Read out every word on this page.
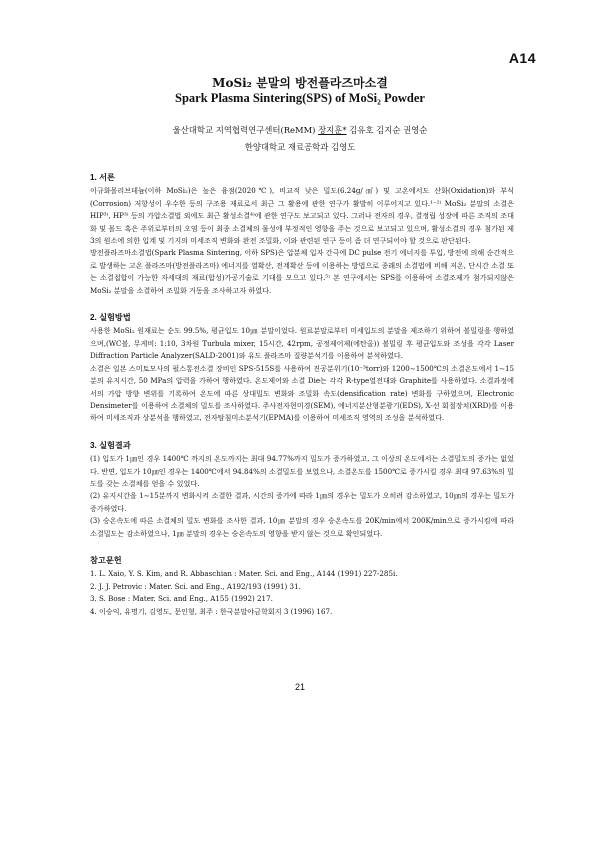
A14
MoSi₂ 분말의 방전플라즈마소결
Spark Plasma Sintering(SPS) of MoSi₂ Powder
울산대학교 지역협력연구센터(ReMM) 장지훈* 김유호 김지순 권영순
한양대학교 재료공학과 김영도
1. 서론

이규화몰리브데늄(이하 MoSi₂)은 높은 융점(2020℃), 비교적 낮은 밀도(6.24g/㎤) 및 고온에서도 산화(Oxidation)와 부식(Corrosion) 저항성이 우수한 등의 구조용 재료로서 최근 그 활용에 관한 연구가 활발히 이루어지고 있다.¹⁻²⁾ MoSi₂ 분말의 소결은 HIP³⁾, HP³⁾ 등의 가압소결법 외에도 최근 활성소결⁴⁾에 관한 연구도 보고되고 있다. 그러나 전자의 경우, 결정립 성장에 따른 조직의 조대화 및 몰드 혹은 주위로부터의 오염 등이 최종 소결체의 물성에 부정적인 영향을 주는 것으로 보고되고 있으며, 활성소결의 경우 첨가된 제 3의 원소에 의한 입계 및 기지의 미세조직 변화와 완전 조밀화, 이와 관련된 연구 등이 좀 더 연구되어야 할 것으로 판단된다.

방전플라즈마소결법(Spark Plasma Sintering, 이하 SPS)은 압분체 입자 간극에 DC pulse 전기 에너지를 투입, 방전에 의해 순간적으로 발생하는 고온 플라즈마(방전플라즈마) 에너지를 열확산, 전계확산 등에 이용하는 방법으로 종래의 소결법에 비해 저온, 단시간 소결 또는 소결접합이 가능한 자세대의 재료(합성)가공기술로 기대를 모으고 있다.⁵⁾ 본 연구에서는 SPS를 이용하여 소결조제가 첨가되지않은 MoSi₂ 분말을 소결하여 조밀화 거동을 조사하고자 하였다.

2. 실험방법

사용한 MoSi₂ 원재료는 순도 99.5%, 평균입도 10㎛ 분말이었다. 원료분말로부터 미세입도의 분말을 제조하기 위하여 볼밀링을 행하였으며,(WC볼, 무게비: 1:10, 3차원 Turbula mixer, 15시간, 42rpm, 공정제어제(에탄올)) 볼밀링 후 평균입도와 조성을 각각 Laser Diffraction Particle Analyzer(SALD-2001)와 유도 플라즈마 질량분석기를 이용하여 분석하였다.

소결은 일본 스미토모사의 펄스통전소결 장비인 SPS-515S를 사용하여 진공분위기(10⁻³torr)와 1200∼1500℃의 소결온도에서 1∼15분의 유지시간, 50 MPa의 압력을 가하여 행하였다. 온도제어와 소결 Die는 각각 R-type열전대와 Graphite를 사용하였다. 소결과정에서의 가압 방향 변위를 기록하여 온도에 따른 상대밀도 변화와 조밀화 속도(densification rate) 변화를 구하였으며, Electronic Densimeter를 이용하여 소결체의 밀도를 조사하였다. 주사전자현미경(SEM), 에너지분산형분광기(EDS), X-선 회절장치(XRD)를 이용하여 미세조직과 상분석을 행하였고, 전자탐침미소분석기(EPMA)를 이용하여 미세조직 영역의 조성을 분석하였다.

3. 실험결과

(1) 입도가 1㎛인 경우 1400℃ 까지의 온도까지는 최대 94.77%까지 밀도가 증가하였고, 그 이상의 온도에서는 소결밀도의 증가는 없었다. 반면, 입도가 10㎛인 경우는 1400℃에서 94.84%의 소결밀도를 보였으나, 소결온도를 1500℃로 증가시킬 경우 최대 97.63%의 밀도를 갖는 소결체를 얻을 수 있었다.

(2) 유지시간을 1∼15분까지 변화시켜 소결한 결과, 시간의 증가에 따라 1㎛의 경우는 밀도가 오히려 감소하였고, 10㎛의 경우는 밀도가 증가하였다.

(3) 승온속도에 따른 소결체의 밀도 변화를 조사한 결과, 10㎛ 분말의 경우 승온속도를 20K/min에서 200K/min으로 증가시킴에 따라 소결밀도는 감소하였으나, 1㎛ 분말의 경우는 승온속도의 영향을 받지 않는 것으로 확인되었다.

참고문헌

1. L. Xaio, Y. S. Kim, and R. Abbaschian : Mater. Sci. and Eng., A144 (1991) 227-285i.

2. J. J. Petrovic : Mater. Sci. and Eng., A192/193 (1991) 31.

3. S. Bose : Mater. Sci. and Eng., A155 (1992) 217.

4. 이승익, 유명기, 김영도, 문인형, 최주 : 한국분말야금학회지 3 (1996) 167.

21
